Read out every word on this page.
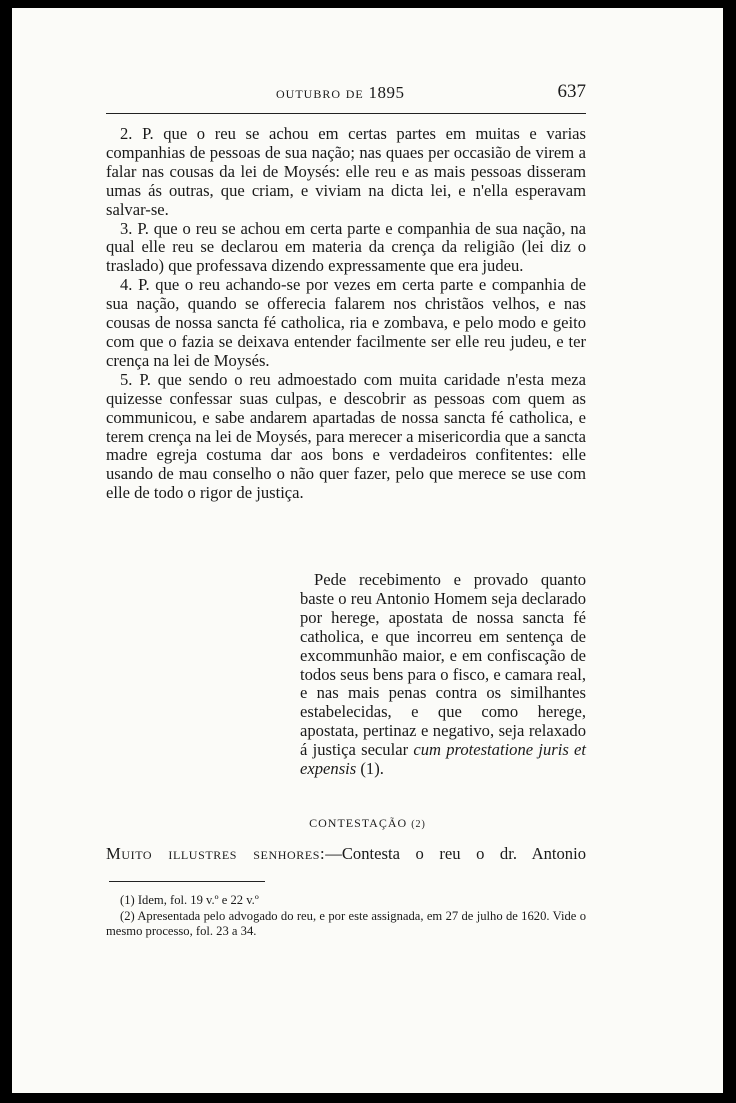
OUTUBRO DE 1895	637

2. P. que o reu se achou em certas partes em muitas e varias companhias de pessoas de sua nação; nas quaes per occasião de virem a falar nas cousas da lei de Moysés: elle reu e as mais pessoas disseram umas ás outras, que criam, e viviam na dicta lei, e n'ella esperavam salvar-se.

3. P. que o reu se achou em certa parte e companhia de sua nação, na qual elle reu se declarou em materia da crença da religião (lei diz o traslado) que professava dizendo expressamente que era judeu.

4. P. que o reu achando-se por vezes em certa parte e companhia de sua nação, quando se offerecia falarem nos christãos velhos, e nas cousas de nossa sancta fé catholica, ria e zombava, e pelo modo e geito com que o fazia se deixava entender facilmente ser elle reu judeu, e ter crença na lei de Moysés.

5. P. que sendo o reu admoestado com muita caridade n'esta meza quizesse confessar suas culpas, e descobrir as pessoas com quem as communicou, e sabe andarem apartadas de nossa sancta fé catholica, e terem crença na lei de Moysés, para merecer a misericordia que a sancta madre egreja costuma dar aos bons e verdadeiros confitentes: elle usando de mau conselho o não quer fazer, pelo que merece se use com elle de todo o rigor de justiça.

Pede recebimento e provado quanto baste o reu Antonio Homem seja declarado por herege, apostata de nossa sancta fé catholica, e que incorreu em sentença de excommunhão maior, e em confiscação de todos seus bens para o fisco, e camara real, e nas mais penas contra os similhantes estabelecidas, e que como herege, apostata, pertinaz e negativo, seja relaxado á justiça secular cum protestatione juris et expensis (1).

CONTESTAÇÃO (2)
Muito illustres senhores:—Contesta o reu o dr. Antonio

(1) Idem, fol. 19 v.º e 22 v.º

(2) Apresentada pelo advogado do reu, e por este assignada, em 27 de julho de 1620. Vide o mesmo processo, fol. 23 a 34.
